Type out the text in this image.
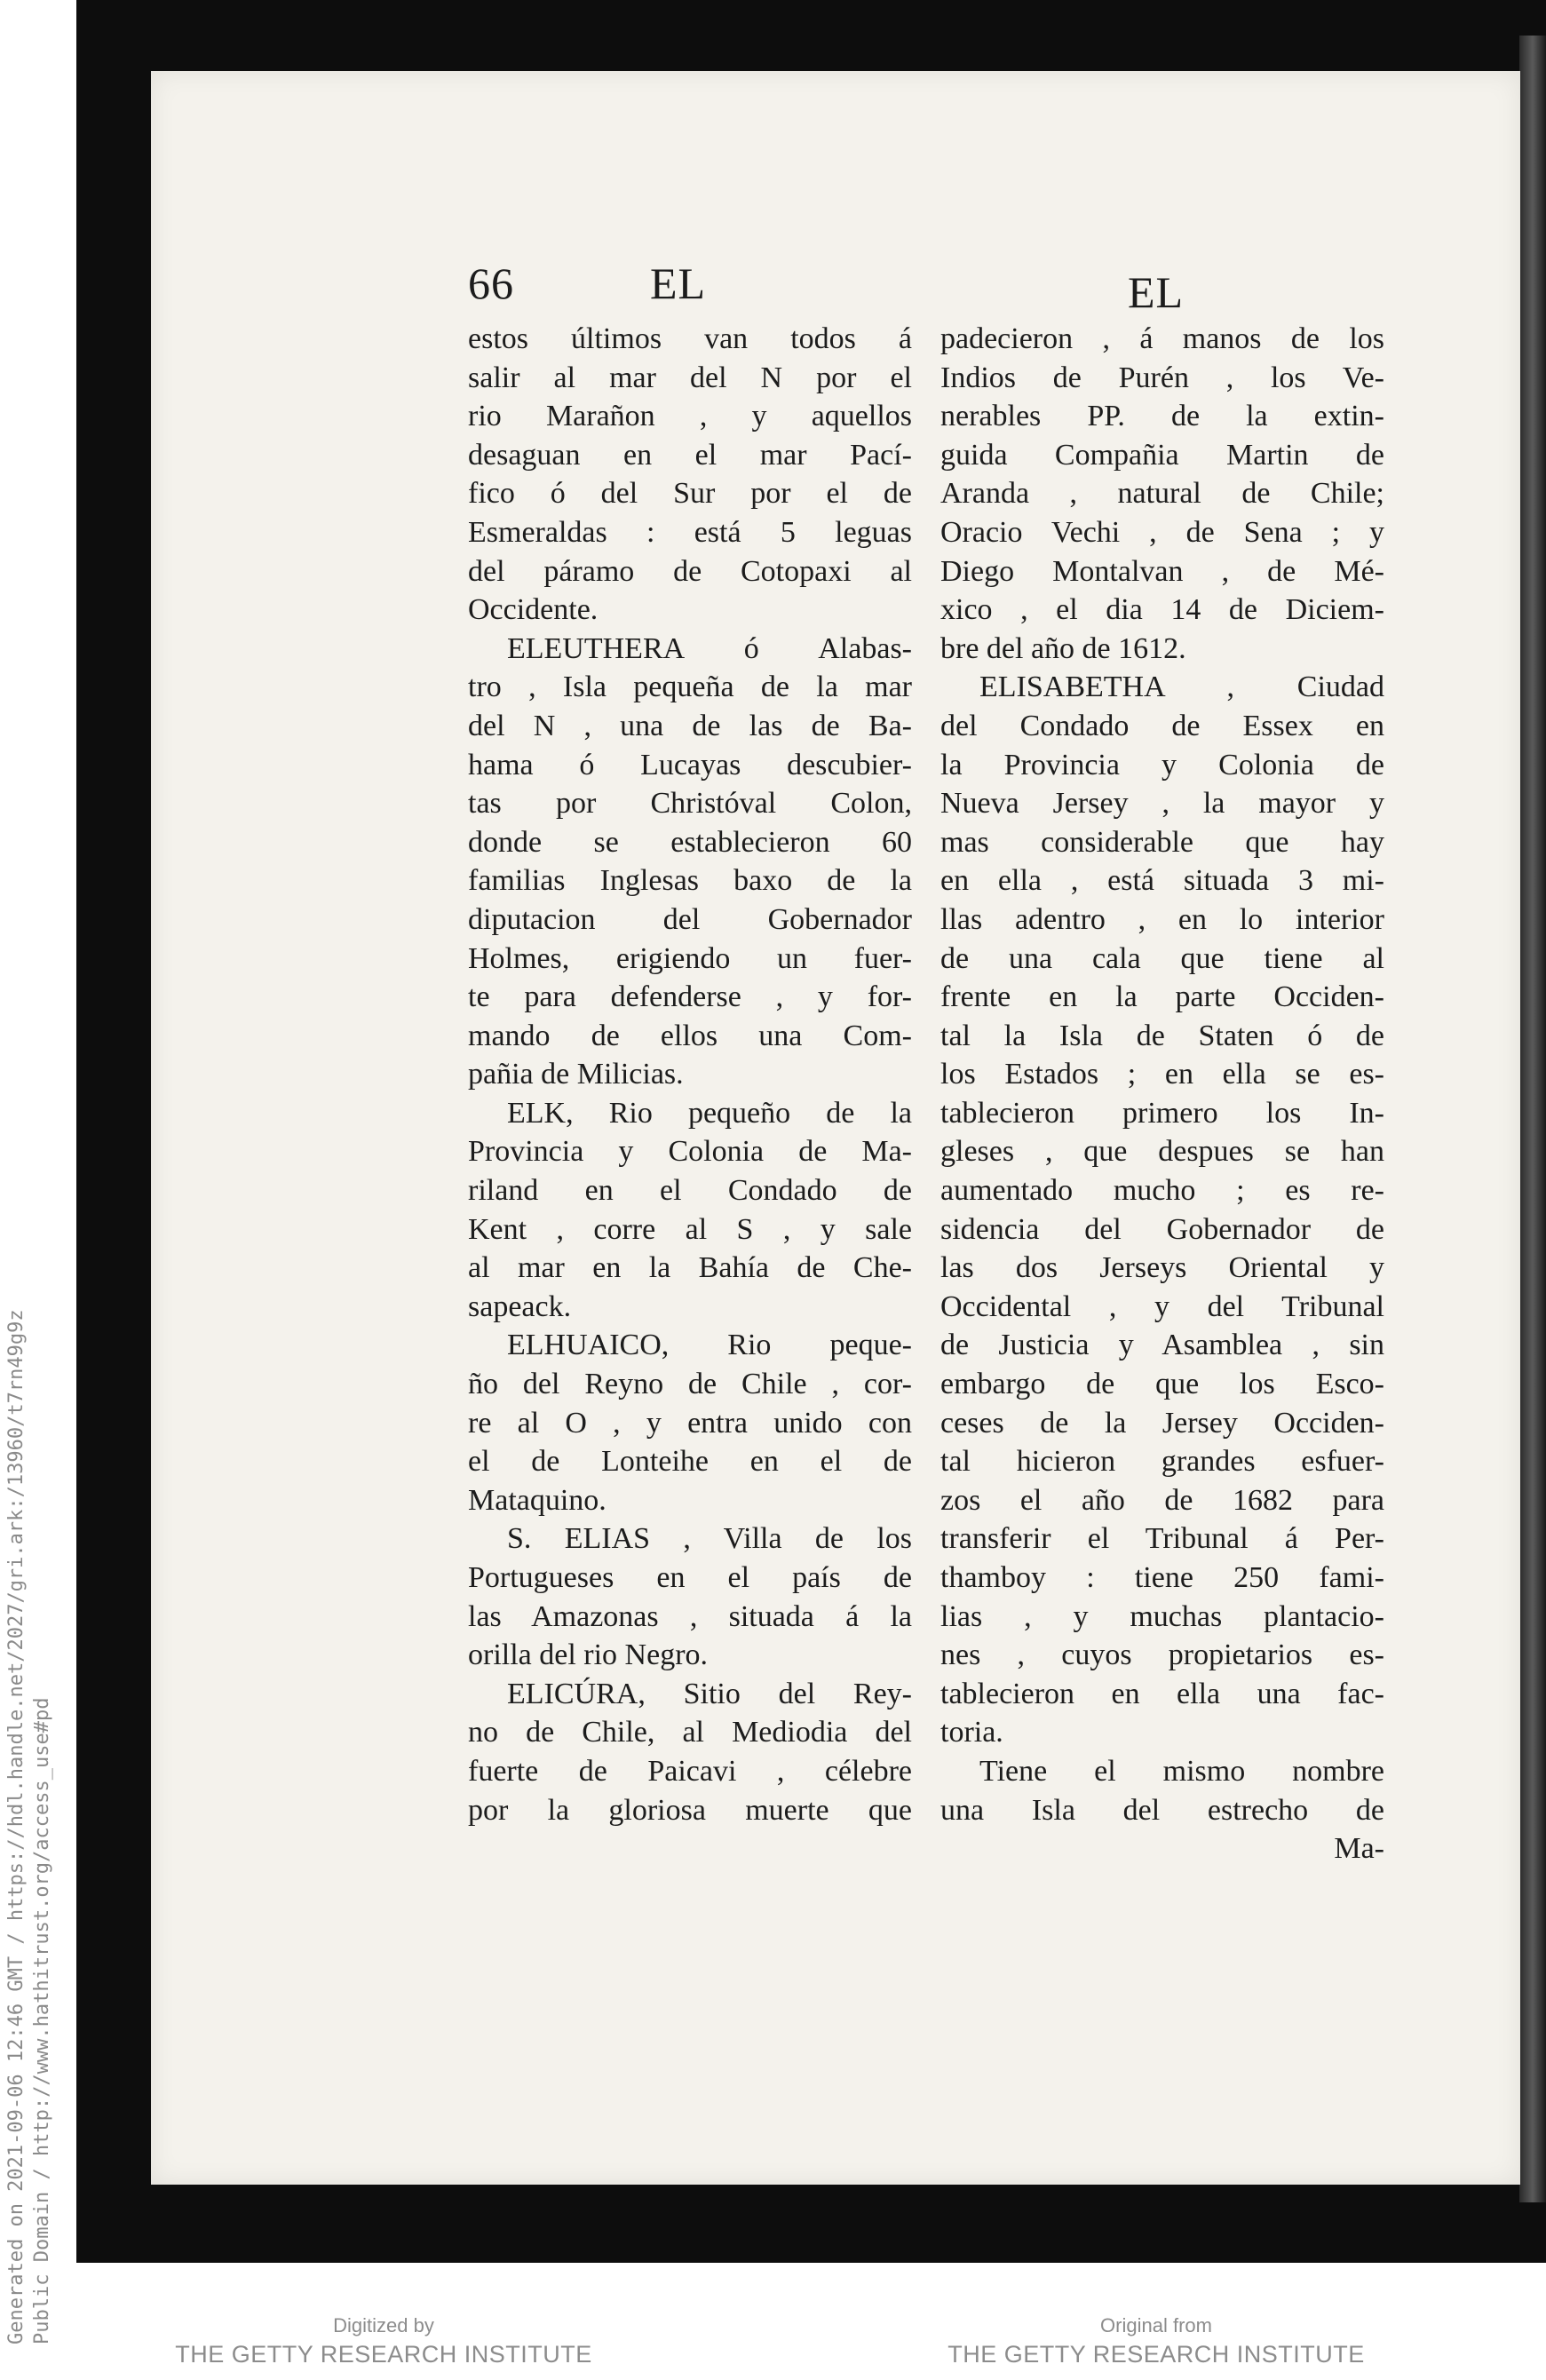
Generated on 2021-09-06 12:46 GMT / https://hdl.handle.net/2027/gri.ark:/13960/t7rn49g9z Public Domain / http://www.hathitrust.org/access_use#pd
66	EL	EL
estos últimos van todos á
salir al mar del N por el
rio Marañon , y aquellos
desaguan en el mar Pací-
fico ó del Sur por el de
Esmeraldas : está 5 leguas
del páramo de Cotopaxi al
Occidente.
ELEUTHERA ó Alabas-
tro , Isla pequeña de la mar
del N , una de las de Ba-
hama ó Lucayas descubier-
tas por Christóval Colon,
donde se establecieron 60
familias Inglesas baxo de la
diputacion del Gobernador
Holmes, erigiendo un fuer-
te para defenderse , y for-
mando de ellos una Com-
pañia de Milicias.
ELK, Rio pequeño de la
Provincia y Colonia de Ma-
riland en el Condado de
Kent , corre al S , y sale
al mar en la Bahía de Che-
sapeack.
ELHUAICO, Rio peque-
ño del Reyno de Chile , cor-
re al O , y entra unido con
el de Lonteihe en el de
Mataquino.
S. ELIAS , Villa de los
Portugueses en el país de
las Amazonas , situada á la
orilla del rio Negro.
ELICÚRA, Sitio del Rey-
no de Chile, al Mediodia del
fuerte de Paicavi , célebre
por la gloriosa muerte que
padecieron , á manos de los
Indios de Purén , los Ve-
nerables PP. de la extin-
guida Compañia Martin de
Aranda , natural de Chile;
Oracio Vechi , de Sena ; y
Diego Montalvan , de Mé-
xico , el dia 14 de Diciem-
bre del año de 1612.
ELISABETHA , Ciudad
del Condado de Essex en
la Provincia y Colonia de
Nueva Jersey , la mayor y
mas considerable que hay
en ella , está situada 3 mi-
llas adentro , en lo interior
de una cala que tiene al
frente en la parte Occiden-
tal la Isla de Staten ó de
los Estados ; en ella se es-
tablecieron primero los In-
gleses , que despues se han
aumentado mucho ; es re-
sidencia del Gobernador de
las dos Jerseys Oriental y
Occidental , y del Tribunal
de Justicia y Asamblea , sin
embargo de que los Esco-
ceses de la Jersey Occiden-
tal hicieron grandes esfuer-
zos el año de 1682 para
transferir el Tribunal á Per-
thamboy : tiene 250 fami-
lias , y muchas plantacio-
nes , cuyos propietarios es-
tablecieron en ella una fac-
toria.
Tiene el mismo nombre
una Isla del estrecho de
Ma-
Digitized by
THE GETTY RESEARCH INSTITUTE
Original from
THE GETTY RESEARCH INSTITUTE
